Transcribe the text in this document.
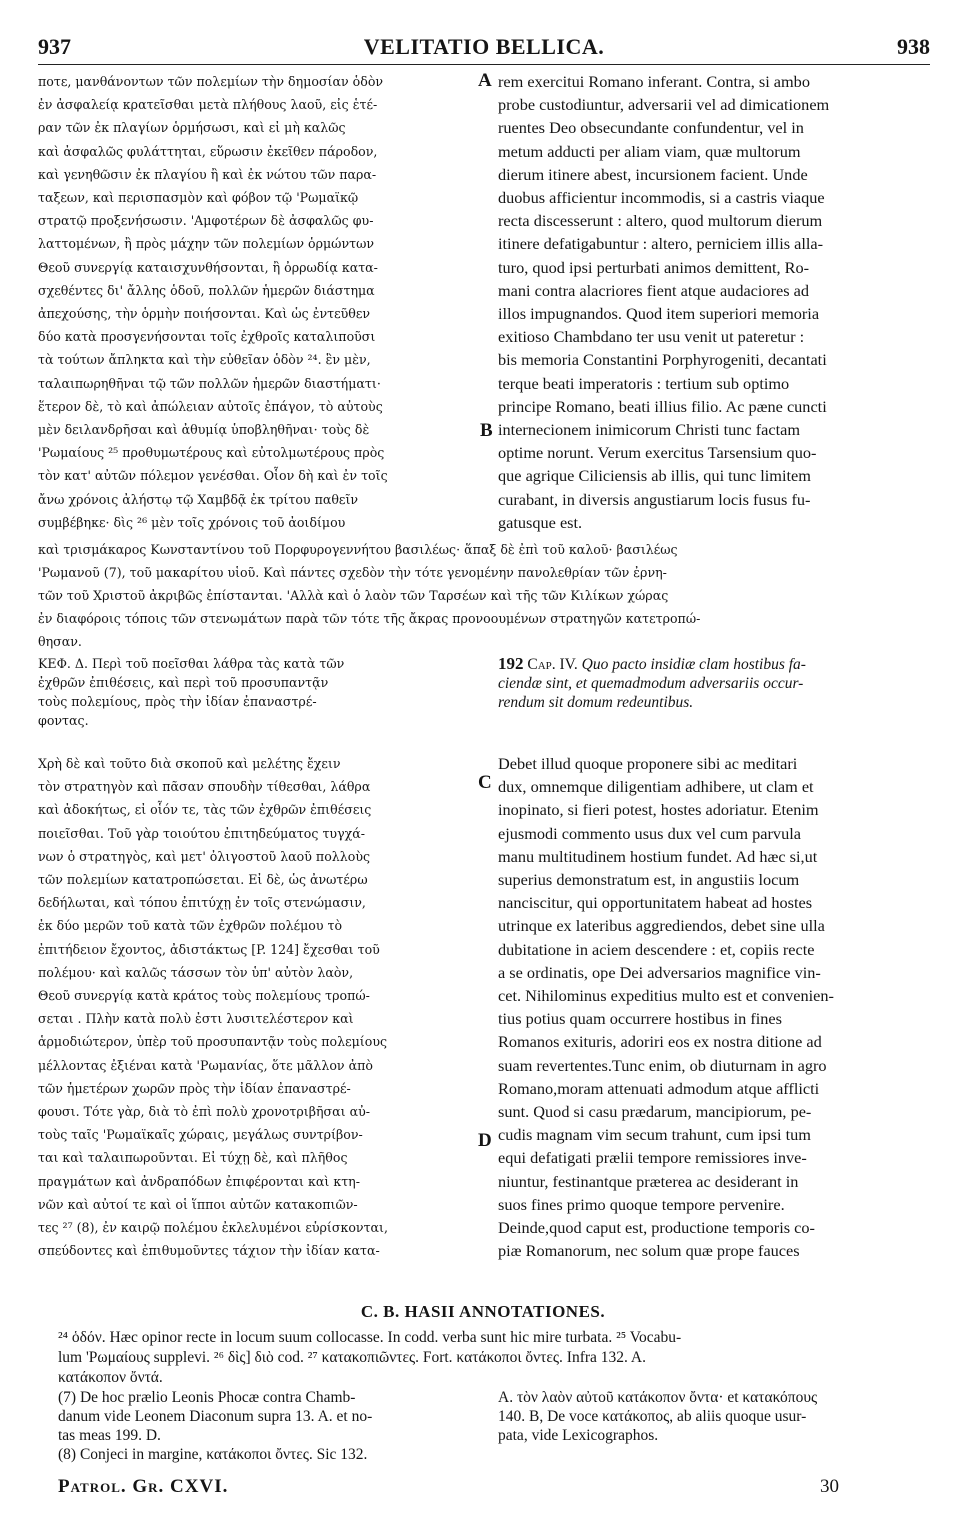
937	VELITATIO BELLICA.	938
ποτε, μανθάνοντων τῶν πολεμίων τὴν δημοσίαν ὁδὸν
ἐν ἀσφαλείᾳ κρατεῖσθαι μετὰ πλήθους λαοῦ, εἰς ἑτέ-
ραν τῶν ἐκ πλαγίων ὁρμήσωσι, καὶ εἰ μὴ καλῶς
καὶ ἀσφαλῶς φυλάττηται, εὕρωσιν ἐκεῖθεν πάροδον,
καὶ γενηθῶσιν ἐκ πλαγίου ἢ καὶ ἐκ νώτου τῶν παρα-
ταξεων, καὶ περισπασμὸν καὶ φόβον τῷ 'Ρωμαϊκῷ
στρατῷ προξενήσωσιν. 'Αμφοτέρων δὲ ἀσφαλῶς φυ-
λαττομένων, ἢ πρὸς μάχην τῶν πολεμίων ὁρμώντων
Θεοῦ συνεργίᾳ καταισχυνθήσονται, ἢ ὀρρωδίᾳ κατα-
σχεθέντες δι' ἄλλης ὁδοῦ, πολλῶν ἡμερῶν διάστημα
ἀπεχούσης, τὴν ὁρμὴν ποιήσονται. Καὶ ὡς ἐντεῦθεν
δύο κατὰ προσγενήσονται τοῖς ἐχθροῖς καταλιποῦσι
τὰ τούτων ἄπληκτα καὶ τὴν εὐθεῖαν ὁδὸν ²⁴. ἓν μὲν,
ταλαιπωρηθῆναι τῷ τῶν πολλῶν ἡμερῶν διαστήματι·
ἕτερον δὲ, τὸ καὶ ἀπώλειαν αὐτοῖς ἐπάγον, τὸ αὐτοὺς
μὲν δειλανδρῆσαι καὶ ἀθυμίᾳ ὑποβληθῆναι· τοὺς δὲ
'Ρωμαίους ²⁵ προθυμωτέρους καὶ εὐτολμωτέρους πρὸς
τὸν κατ' αὐτῶν πόλεμον γενέσθαι. Οἷον δὴ καὶ ἐν τοῖς
ἄνω χρόνοις ἀλήστῳ τῷ Χαμβδᾷ ἐκ τρίτου παθεῖν
συμβέβηκε· δὶς ²⁶ μὲν τοῖς χρόνοις τοῦ ἀοιδίμου
rem exercitui Romano inferant. Contra, si ambo
probe custodiuntur, adversarii vel ad dimicationem
ruentes Deo obsecundante confundentur, vel in
metum adducti per aliam viam, quæ multorum
dierum itinere abest, incursionem facient. Unde
duobus afficientur incommodis, si a castris viaque
recta discesserunt : altero, quod multorum dierum
itinere defatigabuntur : altero, perniciem illis alla-
turo, quod ipsi perturbati animos demittent, Ro-
mani contra alacriores fient atque audaciores ad
illos impugnandos. Quod item superiori memoria
exitioso Chambdano ter usu venit ut pateretur :
bis memoria Constantini Porphyrogeniti, decantati
terque beati imperatoris : tertium sub optimo
principe Romano, beati illius filio. Ac pæne cuncti
internecionem inimicorum Christi tunc factam
optime norunt. Verum exercitus Tarsensium quo-
que agrique Ciliciensis ab illis, qui tunc limitem
curabant, in diversis angustiarum locis fusus fu-
gatusque est.
A
B
καὶ τρισμάκαρος Κωνσταντίνου τοῦ Πορφυρογεννήτου βασιλέως· ἅπαξ δὲ ἐπὶ τοῦ καλοῦ· βασιλέως
'Ρωμανοῦ (7), τοῦ μακαρίτου υἱοῦ. Καὶ πάντες σχεδὸν τὴν τότε γενομένην πανολεθρίαν τῶν ἐρνη-
τῶν τοῦ Χριστοῦ ἀκριβῶς ἐπίστανται. 'Αλλὰ καὶ ὁ λαὸν τῶν Ταρσέων καὶ τῆς τῶν Κιλίκων χώρας
ἐν διαφόροις τόποις τῶν στενωμάτων παρὰ τῶν τότε τῆς ἄκρας προνοουμένων στρατηγῶν κατετροπώ-
θησαν.
ΚΕΦ. Δ. Περὶ τοῦ ποεῖσθαι λάθρα τὰς κατὰ τῶν
ἐχθρῶν ἐπιθέσεις, καὶ περὶ τοῦ προσυπαντᾷν
τοὺς πολεμίους, πρὸς τὴν ἰδίαν ἐπαναστρέ-
φοντας.
192 Cap. IV. Quo pacto insidiæ clam hostibus fa-
ciendæ sint, et quemadmodum adversariis occur-
rendum sit domum redeuntibus.
Χρὴ δὲ καὶ τοῦτο διὰ σκοποῦ καὶ μελέτης ἔχειν
τὸν στρατηγὸν καὶ πᾶσαν σπουδὴν τίθεσθαι, λάθρα
καὶ ἀδοκήτως, εἰ οἷόν τε, τὰς τῶν ἐχθρῶν ἐπιθέσεις
ποιεῖσθαι. Τοῦ γὰρ τοιούτου ἐπιτηδεύματος τυγχά-
νων ὁ στρατηγὸς, καὶ μετ' ὀλιγοστοῦ λαοῦ πολλοὺς
τῶν πολεμίων κατατροπώσεται. Εἰ δὲ, ὡς ἀνωτέρω
δεδήλωται, καὶ τόπου ἐπιτύχῃ ἐν τοῖς στενώμασιν,
ἐκ δύο μερῶν τοῦ κατὰ τῶν ἐχθρῶν πολέμου τὸ
ἐπιτήδειον ἔχοντος, ἀδιστάκτως [P. 124] ἔχεσθαι τοῦ
πολέμου· καὶ καλῶς τάσσων τὸν ὑπ' αὐτὸν λαὸν,
Θεοῦ συνεργίᾳ κατὰ κράτος τοὺς πολεμίους τροπώ-
σεται . Πλὴν κατὰ πολὺ ἐστι λυσιτελέστερον καὶ
ἁρμοδιώτερον, ὑπὲρ τοῦ προσυπαντᾷν τοὺς πολεμίους
μέλλοντας ἐξιέναι κατὰ 'Ρωμανίας, ὅτε μᾶλλον ἀπὸ
τῶν ἡμετέρων χωρῶν πρὸς τὴν ἰδίαν ἐπαναστρέ-
φουσι. Τότε γὰρ, διὰ τὸ ἐπὶ πολὺ χρονοτριβῆσαι αὐ-
τοὺς ταῖς 'Ρωμαϊκαῖς χώραις, μεγάλως συντρίβον-
ται καὶ ταλαιπωροῦνται. Εἰ τύχῃ δὲ, καὶ πλῆθος
πραγμάτων καὶ ἀνδραπόδων ἐπιφέρονται καὶ κτη-
νῶν καὶ αὐτοί τε καὶ οἱ ἵπποι αὐτῶν κατακοπιῶν-
τες ²⁷ (8), ἐν καιρῷ πολέμου ἐκλελυμένοι εὑρίσκονται,
σπεύδοντες καὶ ἐπιθυμοῦντες τάχιον τὴν ἰδίαν κατα-
Debet illud quoque proponere sibi ac meditari
dux, omnemque diligentiam adhibere, ut clam et
inopinato, si fieri potest, hostes adoriatur. Etenim
ejusmodi commento usus dux vel cum parvula
manu multitudinem hostium fundet. Ad hæc si,ut
superius demonstratum est, in angustiis locum
nanciscitur, qui opportunitatem habeat ad hostes
utrinque ex lateribus aggrediendos, debet sine ulla
dubitatione in aciem descendere : et, copiis recte
a se ordinatis, ope Dei adversarios magnifice vin-
cet. Nihilominus expeditius multo est et convenien-
tius potius quam occurrere hostibus in fines
Romanos exituris, adoriri eos ex nostra ditione ad
suam revertentes.Tunc enim, ob diuturnam in agro
Romano,moram attenuati admodum atque afflicti
sunt. Quod si casu prædarum, mancipiorum, pe-
cudis magnam vim secum trahunt, cum ipsi tum
equi defatigati prælii tempore remissiores inve-
niuntur, festinantque præterea ac desiderant in
suos fines primo quoque tempore pervenire.
Deinde,quod caput est, productione temporis co-
piæ Romanorum, nec solum quæ prope fauces
C
D
C. B. HASII ANNOTATIONES.
²⁴ ὁδόν. Hæc opinor recte in locum suum collocasse. In codd. verba sunt hic mire turbata. ²⁵ Vocabu-
lum 'Ρωμαίους supplevi. ²⁶ δὶς] διὸ cod. ²⁷ κατακοπιῶντες. Fort. κατάκοποι ὄντες. Infra 132. A.
κατάκοπον ὄντά.
(7) De hoc prælio Leonis Phocæ contra Chamb-
danum vide Leonem Diaconum supra 13. A. et no-
tas meas 199. D.
(8) Conjeci in margine, κατάκοποι ὄντες. Sic 132.
A. τὸν λαὸν αὐτοῦ κατάκοπον ὄντα· et κατακόπους
140. B, De voce κατάκοπος, ab aliis quoque usur-
pata, vide Lexicographos.
Patrol. Gr. CXVI.	30
